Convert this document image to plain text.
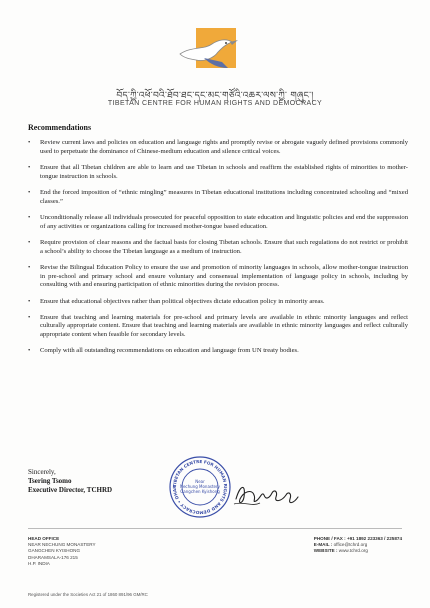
བོད་ཀྱི་འཕོ་བའི་ཐོབ་ཐང་དང་མང་གཙོའི་འཆར་ལས་ཀྱི་ གཞུང་།
TIBETAN CENTRE FOR HUMAN RIGHTS AND DEMOCRACY
Recommendations
• Review current laws and policies on education and language rights and promptly revise or abrogate vaguely defined provisions commonly used to perpetuate the dominance of Chinese-medium education and silence critical voices.
• Ensure that all Tibetan children are able to learn and use Tibetan in schools and reaffirm the established rights of minorities to mother-tongue instruction in schools.
• End the forced imposition of “ethnic mingling” measures in Tibetan educational institutions including concentrated schooling and “mixed classes.”
• Unconditionally release all individuals prosecuted for peaceful opposition to state education and linguistic policies and end the suppression of any activities or organizations calling for increased mother-tongue based education.
• Require provision of clear reasons and the factual basis for closing Tibetan schools. Ensure that such regulations do not restrict or prohibit a school’s ability to choose the Tibetan language as a medium of instruction.
• Revise the Bilingual Education Policy to ensure the use and promotion of minority languages in schools, allow mother-tongue instruction in pre-school and primary school and ensure voluntary and consensual implementation of language policy in schools, including by consulting with and ensuring participation of ethnic minorities during the revision process.
• Ensure that educational objectives rather than political objectives dictate education policy in minority areas.
• Ensure that teaching and learning materials for pre-school and primary levels are available in ethnic minority languages and reflect culturally appropriate content. Ensure that teaching and learning materials are available in ethnic minority languages and reflect culturally appropriate content when feasible for secondary levels.
• Comply with all outstanding recommendations on education and language from UN treaty bodies.
Sincerely,
Tsering Tsomo
Executive Director, TCHRD
TIBETAN CENTRE FOR HUMAN RIGHTS AND DEMOCRACY • DHAR
Near
Nechung Monastery
Gangchen Kyishong
HEAD OFFICE
NEAR NECHUNG MONASTERY
GANGCHEN KYISHONG
DHARAMSALA-176 215
H.P. INDIA
PHONE / FAX : +91 1892 223363 / 225874
E-MAIL : office@tchrd.org
WEBSITE : www.tchrd.org
Registered under the Societies Act 21 of 1860 891/96 GM/RC
